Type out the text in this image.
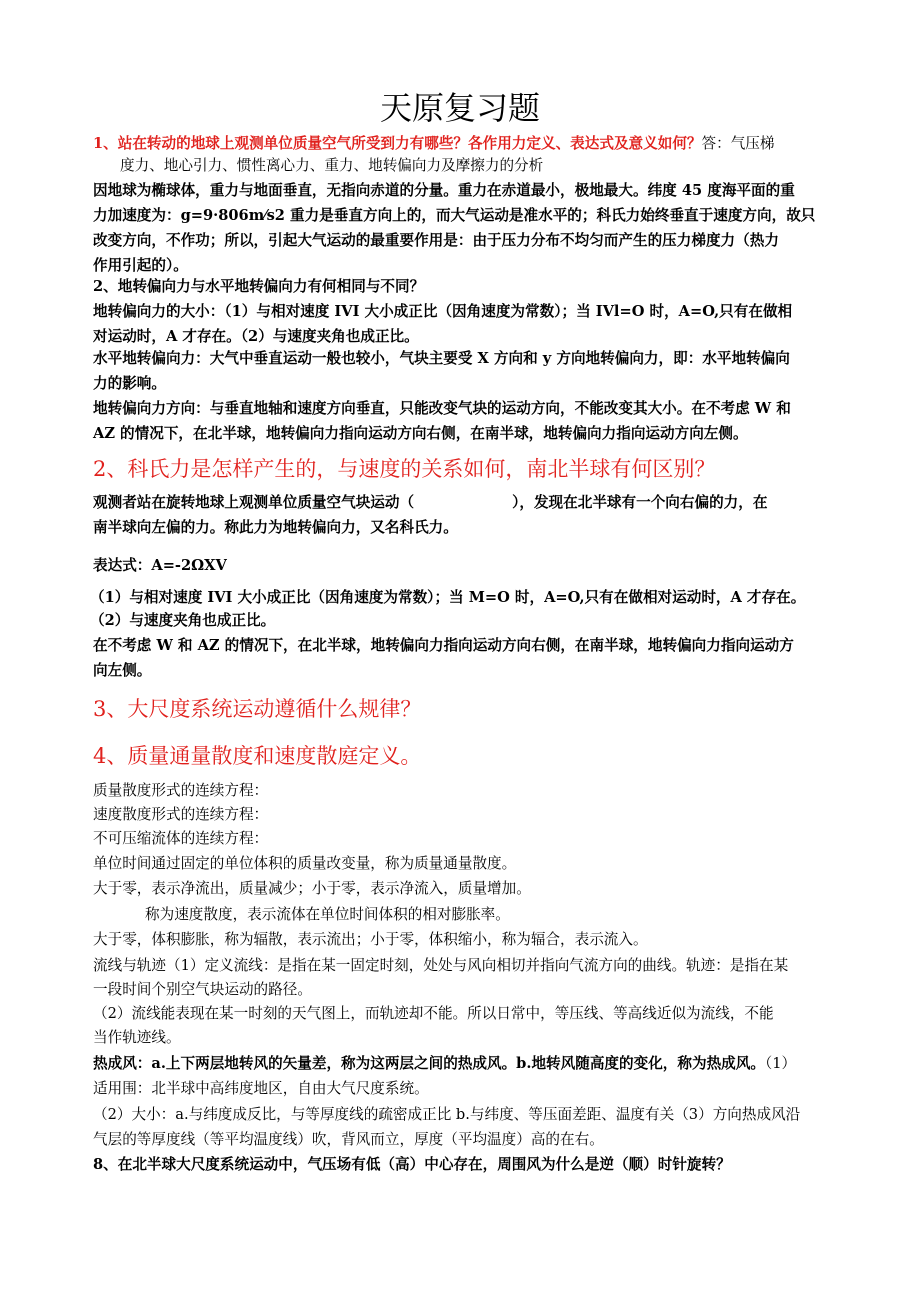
天原复习题
1、站在转动的地球上观测单位质量空气所受到力有哪些？各作用力定义、表达式及意义如何？答：气压梯
度力、地心引力、惯性离心力、重力、地转偏向力及摩擦力的分析
因地球为椭球体，重力与地面垂直，无指向赤道的分量。重力在赤道最小，极地最大。纬度 45 度海平面的重
力加速度为：g=9·806m⁄s2 重力是垂直方向上的，而大气运动是准水平的；科氏力始终垂直于速度方向，故只
改变方向，不作功；所以，引起大气运动的最重要作用是：由于压力分布不均匀而产生的压力梯度力（热力
作用引起的）。
2、地转偏向力与水平地转偏向力有何相同与不同？
地转偏向力的大小：（1）与相对速度 IVI 大小成正比（因角速度为常数）；当 IVl=O 时，A=O,只有在做相
对运动时，A 才存在。（2）与速度夹角也成正比。
水平地转偏向力：大气中垂直运动一般也较小，气块主要受 X 方向和 y 方向地转偏向力，即：水平地转偏向
力的影响。
地转偏向力方向：与垂直地轴和速度方向垂直，只能改变气块的运动方向，不能改变其大小。在不考虑 W 和
AZ 的情况下，在北半球，地转偏向力指向运动方向右侧，在南半球，地转偏向力指向运动方向左侧。
2、科氏力是怎样产生的，与速度的关系如何，南北半球有何区别？
观测者站在旋转地球上观测单位质量空气块运动（	），发现在北半球有一个向右偏的力，在
南半球向左偏的力。称此力为地转偏向力，又名科氏力。
表达式：A=-2ΩXV
（1）与相对速度 IVI 大小成正比（因角速度为常数）；当 M=O 时，A=O,只有在做相对运动时，A 才存在。
（2）与速度夹角也成正比。
在不考虑 W 和 AZ 的情况下，在北半球，地转偏向力指向运动方向右侧，在南半球，地转偏向力指向运动方
向左侧。
3、大尺度系统运动遵循什么规律？
4、质量通量散度和速度散庭定义。
质量散度形式的连续方程：
速度散度形式的连续方程：
不可压缩流体的连续方程：
单位时间通过固定的单位体积的质量改变量，称为质量通量散度。
大于零，表示净流出，质量减少；小于零，表示净流入，质量增加。
称为速度散度，表示流体在单位时间体积的相对膨胀率。
大于零，体积膨胀，称为辐散，表示流出；小于零，体积缩小，称为辐合，表示流入。
流线与轨迹（1）定义流线：是指在某一固定时刻，处处与风向相切并指向气流方向的曲线。轨迹：是指在某
一段时间个别空气块运动的路径。
（2）流线能表现在某一时刻的天气图上，而轨迹却不能。所以日常中，等压线、等高线近似为流线，不能
当作轨迹线。
热成风：a.上下两层地转风的矢量差，称为这两层之间的热成风。b.地转风随高度的变化，称为热成风。（1）
适用围：北半球中高纬度地区，自由大气尺度系统。
（2）大小：a.与纬度成反比，与等厚度线的疏密成正比 b.与纬度、等压面差距、温度有关（3）方向热成风沿
气层的等厚度线（等平均温度线）吹，背风而立，厚度（平均温度）高的在右。
8、在北半球大尺度系统运动中，气压场有低（高）中心存在，周围风为什么是逆（顺）时针旋转？
